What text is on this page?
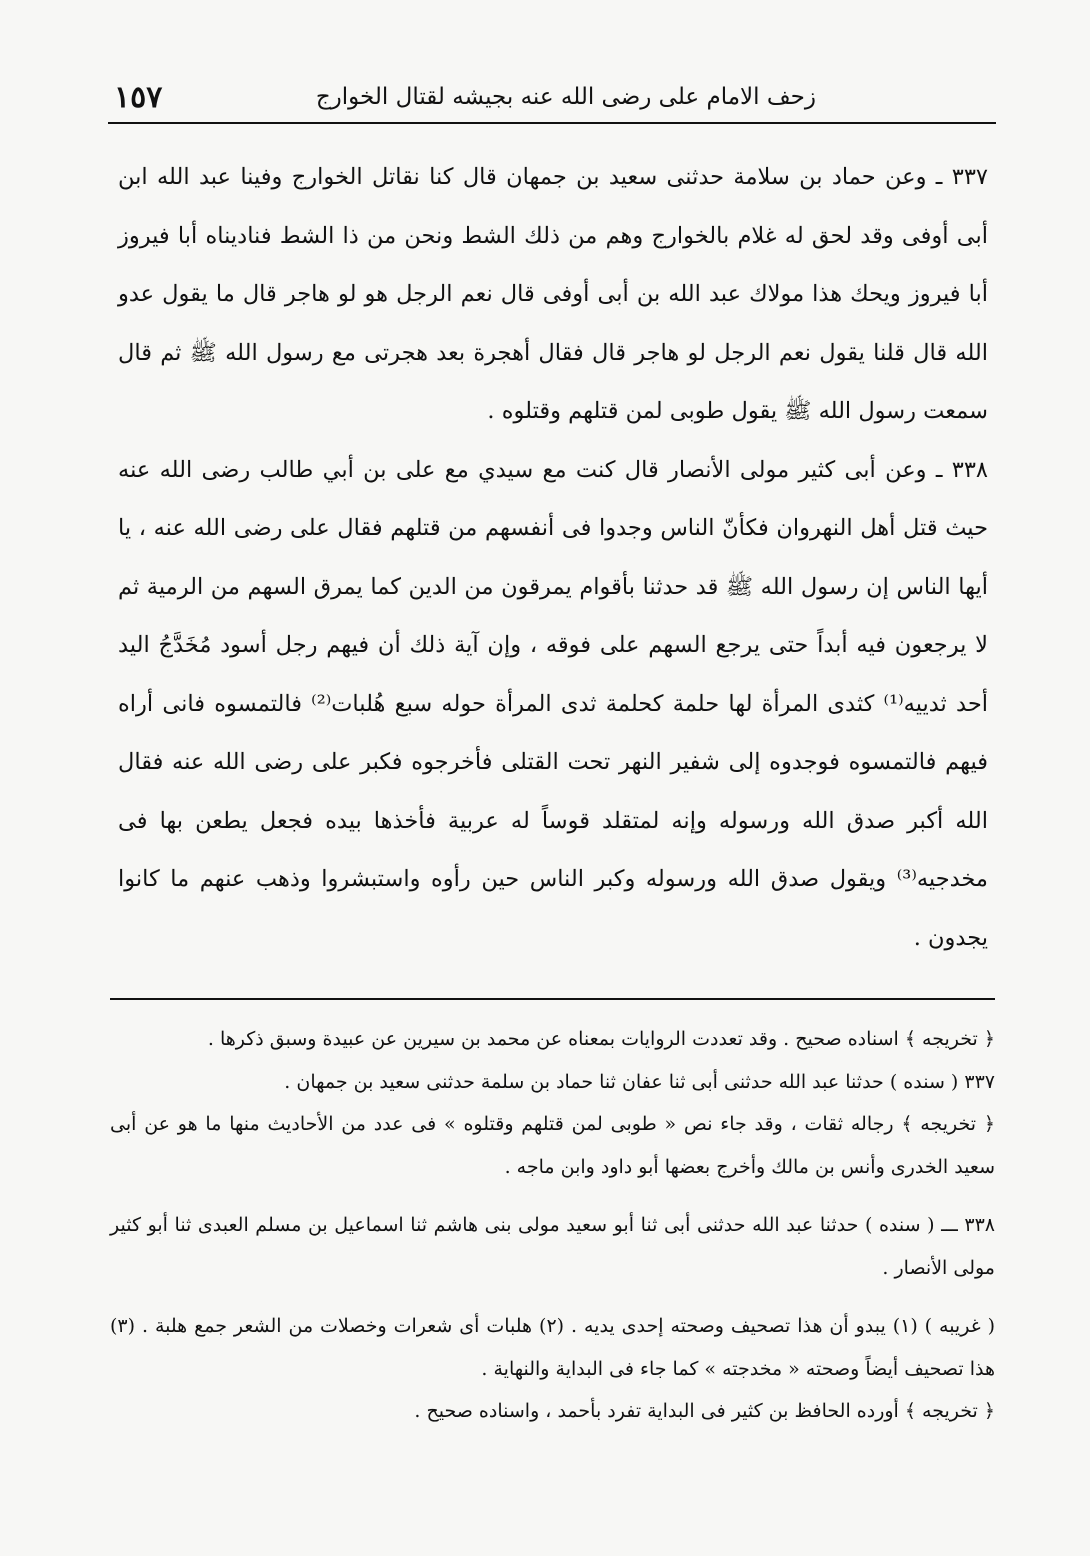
زحف الامام على رضى الله عنه بجيشه لقتال الخوارج
١٥٧

٣٣٧ ـ وعن حماد بن سلامة حدثنى سعيد بن جمهان قال كنا نقاتل الخوارج وفينا عبد الله ابن أبى أوفى وقد لحق له غلام بالخوارج وهم من ذلك الشط ونحن من ذا الشط فناديناه أبا فيروز أبا فيروز ويحك هذا مولاك عبد الله بن أبى أوفى قال نعم الرجل هو لو هاجر قال ما يقول عدو الله قال قلنا يقول نعم الرجل لو هاجر قال فقال أهجرة بعد هجرتى مع رسول الله ﷺ ثم قال سمعت رسول الله ﷺ يقول طوبى لمن قتلهم وقتلوه .

٣٣٨ ـ وعن أبى كثير مولى الأنصار قال كنت مع سيدي مع على بن أبي طالب رضى الله عنه حيث قتل أهل النهروان فكأنّ الناس وجدوا فى أنفسهم من قتلهم فقال على رضى الله عنه ، يا أيها الناس إن رسول الله ﷺ قد حدثنا بأقوام يمرقون من الدين كما يمرق السهم من الرمية ثم لا يرجعون فيه أبداً حتى يرجع السهم على فوقه ، وإن آية ذلك أن فيهم رجل أسود مُخَدَّجُ اليد أحد ثدييه⁽¹⁾ كثدى المرأة لها حلمة كحلمة ثدى المرأة حوله سبع هُلبات⁽²⁾ فالتمسوه فانى أراه فيهم فالتمسوه فوجدوه إلى شفير النهر تحت القتلى فأخرجوه فكبر على رضى الله عنه فقال الله أكبر صدق الله ورسوله وإنه لمتقلد قوساً له عربية فأخذها بيده فجعل يطعن بها فى مخدجيه⁽³⁾ ويقول صدق الله ورسوله وكبر الناس حين رأوه واستبشروا وذهب عنهم ما كانوا يجدون .

﴿ تخريجه ﴾ اسناده صحيح . وقد تعددت الروايات بمعناه عن محمد بن سيرين عن عبيدة وسبق ذكرها .

٣٣٧ ( سنده ) حدثنا عبد الله حدثنى أبى ثنا عفان ثنا حماد بن سلمة حدثنى سعيد بن جمهان .

﴿ تخريجه ﴾ رجاله ثقات ، وقد جاء نص « طوبى لمن قتلهم وقتلوه » فى عدد من الأحاديث منها ما هو عن أبى سعيد الخدرى وأنس بن مالك وأخرج بعضها أبو داود وابن ماجه .

٣٣٨ ـــ ( سنده ) حدثنا عبد الله حدثنى أبى ثنا أبو سعيد مولى بنى هاشم ثنا اسماعيل بن مسلم العبدى ثنا أبو كثير مولى الأنصار .

( غريبه ) (١) يبدو أن هذا تصحيف وصحته إحدى يديه . (٢) هلبات أى شعرات وخصلات من الشعر جمع هلبة . (٣) هذا تصحيف أيضاً وصحته « مخدجته » كما جاء فى البداية والنهاية .

﴿ تخريجه ﴾ أورده الحافظ بن كثير فى البداية تفرد بأحمد ، واسناده صحيح .
